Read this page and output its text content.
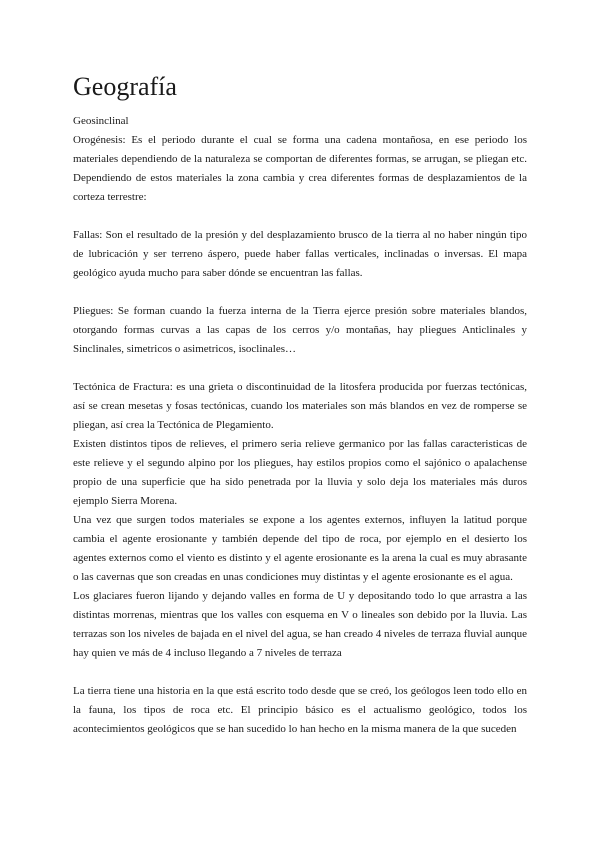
Geografía

Geosinclinal

Orogénesis: Es el periodo durante el cual se forma una cadena montañosa, en ese periodo los materiales dependiendo de la naturaleza se comportan de diferentes formas, se arrugan, se pliegan etc. Dependiendo de estos materiales la zona cambia y crea diferentes formas de desplazamientos de la corteza terrestre:

Fallas: Son el resultado de la presión y del desplazamiento brusco de la tierra al no haber ningún tipo de lubricación y ser terreno áspero, puede haber fallas verticales, inclinadas o inversas. El mapa geológico ayuda mucho para saber dónde se encuentran las fallas.

Pliegues: Se forman cuando la fuerza interna de la Tierra ejerce presión sobre materiales blandos, otorgando formas curvas a las capas de los cerros y/o montañas, hay pliegues Anticlinales y Sinclinales, simetricos o asimetricos, isoclinales…

Tectónica de Fractura: es una grieta o discontinuidad de la litosfera producida por fuerzas tectónicas, así se crean mesetas y fosas tectónicas, cuando los materiales son más blandos en vez de romperse se pliegan, así crea la Tectónica de Plegamiento.

Existen distintos tipos de relieves, el primero seria relieve germanico por las fallas caracteristicas de este relieve y el segundo alpino por los pliegues, hay estilos propios como el sajónico o apalachense propio de una superficie que ha sido penetrada por la lluvia y solo deja los materiales más duros ejemplo Sierra Morena.

Una vez que surgen todos materiales se expone a los agentes externos, influyen la latitud porque cambia el agente erosionante y también depende del tipo de roca, por ejemplo en el desierto los agentes externos como el viento es distinto y el agente erosionante es la arena la cual es muy abrasante o las cavernas que son creadas en unas condiciones muy distintas y el agente erosionante es el agua.

Los glaciares fueron lijando y dejando valles en forma de U y depositando todo lo que arrastra a las distintas morrenas, mientras que los valles con esquema en V o lineales son debido por la lluvia. Las terrazas son los niveles de bajada en el nivel del agua, se han creado 4 niveles de terraza fluvial aunque hay quien ve más de 4 incluso llegando a 7 niveles de terraza

La tierra tiene una historia en la que está escrito todo desde que se creó, los geólogos leen todo ello en la fauna, los tipos de roca etc. El principio básico es el actualismo geológico, todos los acontecimientos geológicos que se han sucedido lo han hecho en la misma manera de la que suceden
